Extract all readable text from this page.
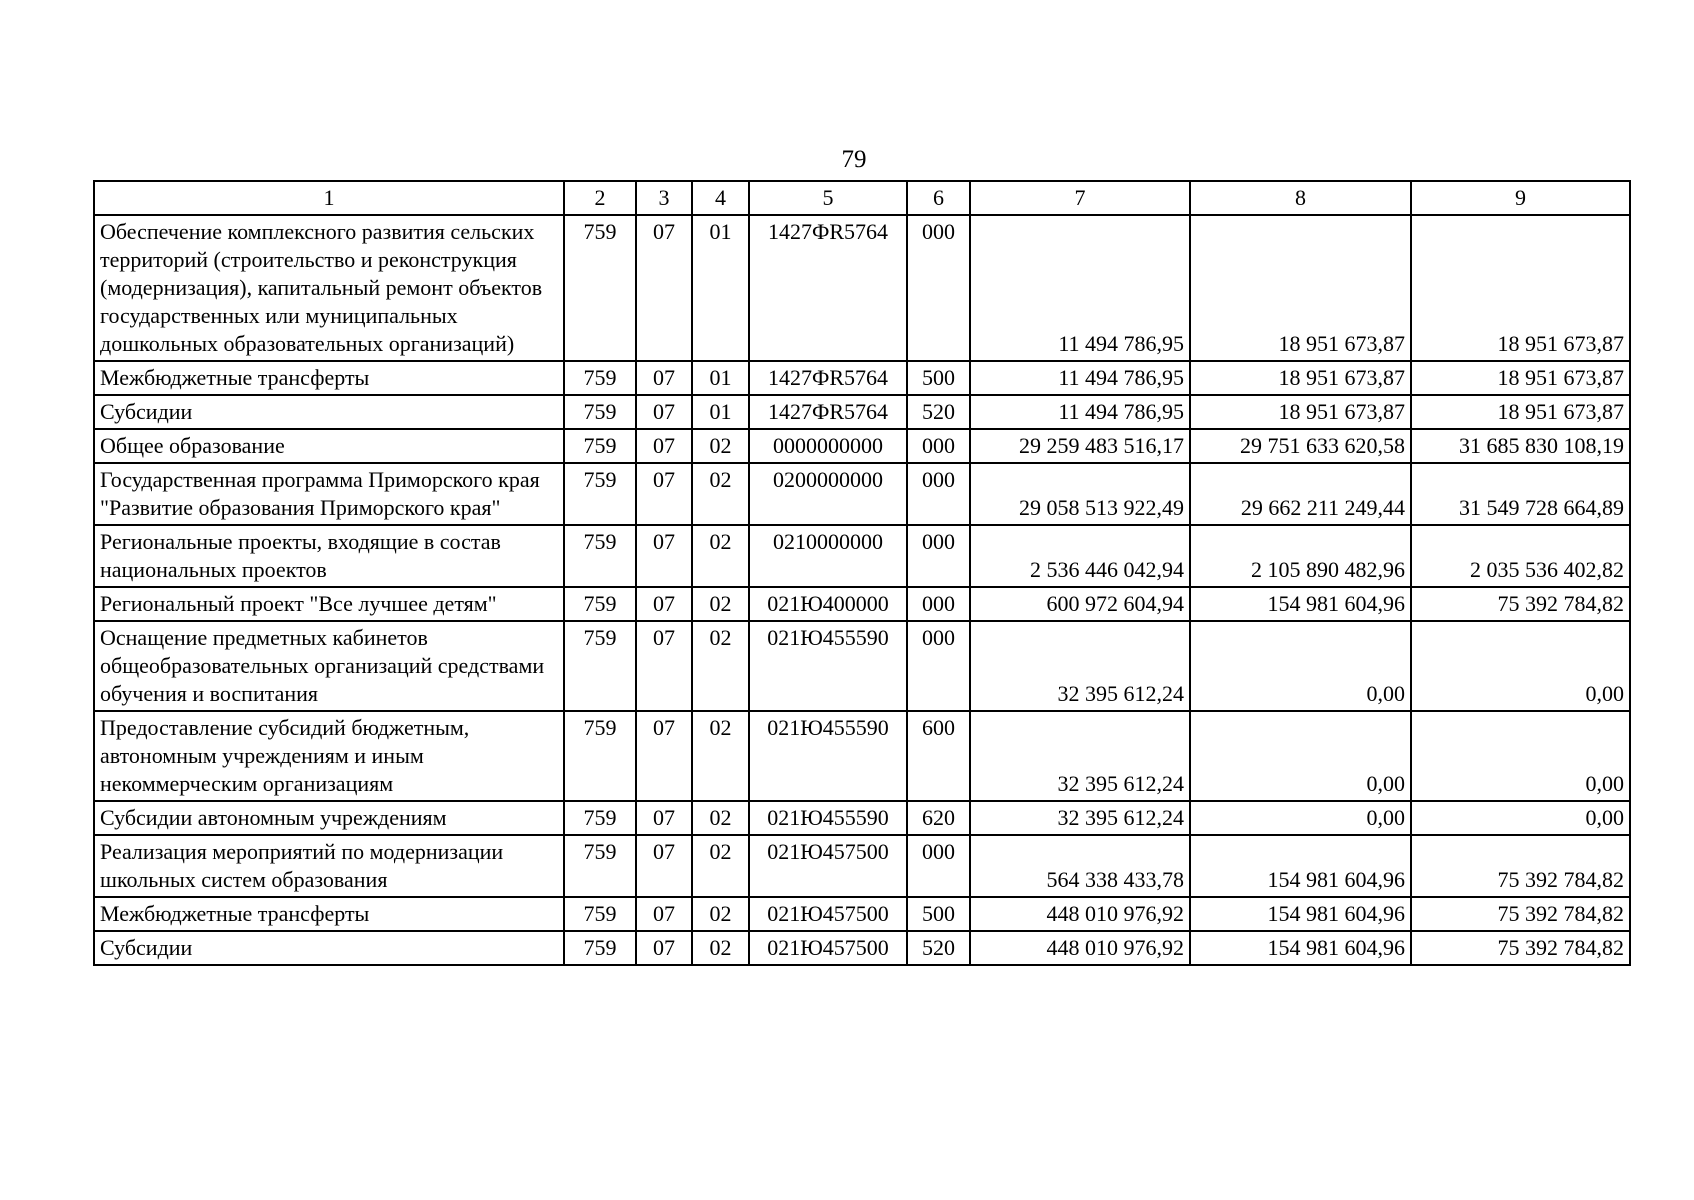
79
1	2	3	4	5	6	7	8	9
Обеспечение комплексного развития сельских территорий (строительство и реконструкция (модернизация), капитальный ремонт объектов государственных или муниципальных дошкольных образовательных организаций)	759	07	01	1427ФR5764	000	11 494 786,95	18 951 673,87	18 951 673,87
Межбюджетные трансферты	759	07	01	1427ФR5764	500	11 494 786,95	18 951 673,87	18 951 673,87
Субсидии	759	07	01	1427ФR5764	520	11 494 786,95	18 951 673,87	18 951 673,87
Общее образование	759	07	02	0000000000	000	29 259 483 516,17	29 751 633 620,58	31 685 830 108,19
Государственная программа Приморского края "Развитие образования Приморского края"	759	07	02	0200000000	000	29 058 513 922,49	29 662 211 249,44	31 549 728 664,89
Региональные проекты, входящие в состав национальных проектов	759	07	02	0210000000	000	2 536 446 042,94	2 105 890 482,96	2 035 536 402,82
Региональный проект "Все лучшее детям"	759	07	02	021Ю400000	000	600 972 604,94	154 981 604,96	75 392 784,82
Оснащение предметных кабинетов общеобразовательных организаций средствами обучения и воспитания	759	07	02	021Ю455590	000	32 395 612,24	0,00	0,00
Предоставление субсидий бюджетным, автономным учреждениям и иным некоммерческим организациям	759	07	02	021Ю455590	600	32 395 612,24	0,00	0,00
Субсидии автономным учреждениям	759	07	02	021Ю455590	620	32 395 612,24	0,00	0,00
Реализация мероприятий по модернизации школьных систем образования	759	07	02	021Ю457500	000	564 338 433,78	154 981 604,96	75 392 784,82
Межбюджетные трансферты	759	07	02	021Ю457500	500	448 010 976,92	154 981 604,96	75 392 784,82
Субсидии	759	07	02	021Ю457500	520	448 010 976,92	154 981 604,96	75 392 784,82
